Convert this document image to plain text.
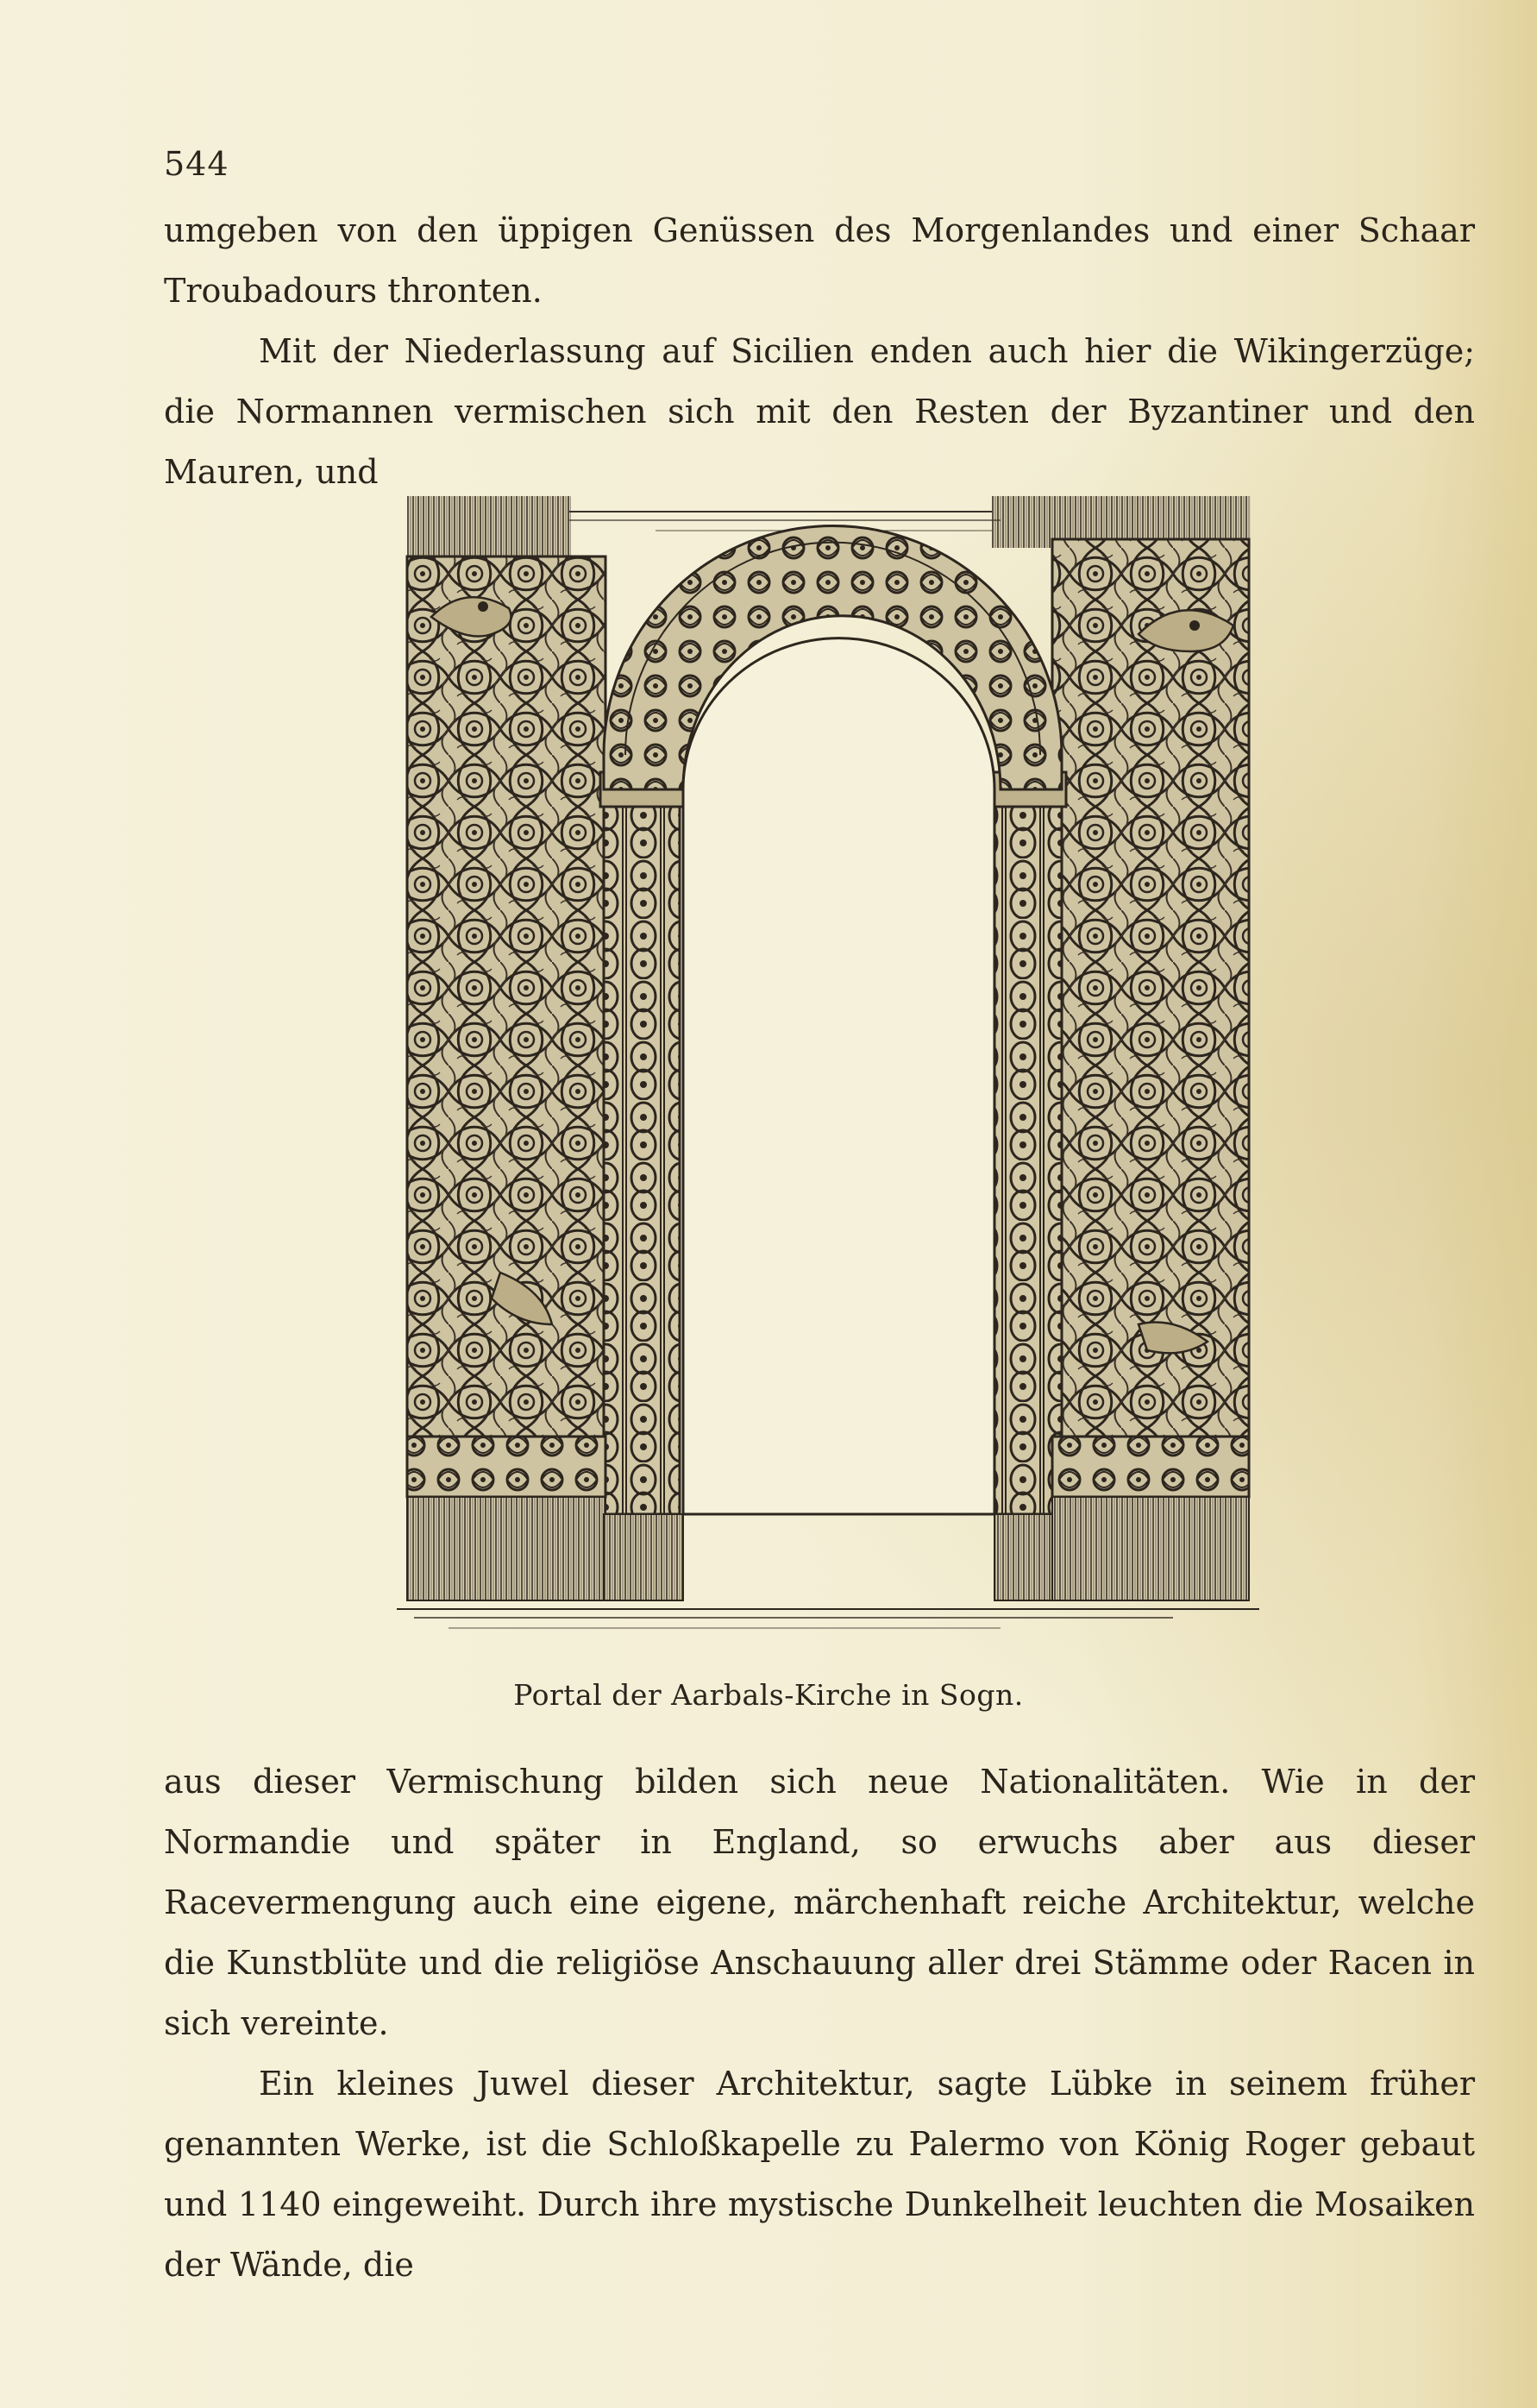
544

umgeben von den üppigen Genüssen des Morgenlandes und einer Schaar Troubadours thronten.

Mit der Niederlassung auf Sicilien enden auch hier die Wikingerzüge; die Normannen vermischen sich mit den Resten der Byzantiner und den Mauren, und

Portal der Aarbals-Kirche in Sogn.

aus dieser Vermischung bilden sich neue Nationalitäten. Wie in der Normandie und später in England, so erwuchs aber aus dieser Racevermengung auch eine eigene, märchenhaft reiche Architektur, welche die Kunstblüte und die religiöse Anschauung aller drei Stämme oder Racen in sich vereinte.

Ein kleines Juwel dieser Architektur, sagte Lübke in seinem früher genannten Werke, ist die Schloßkapelle zu Palermo von König Roger gebaut und 1140 eingeweiht. Durch ihre mystische Dunkelheit leuchten die Mosaiken der Wände, die
